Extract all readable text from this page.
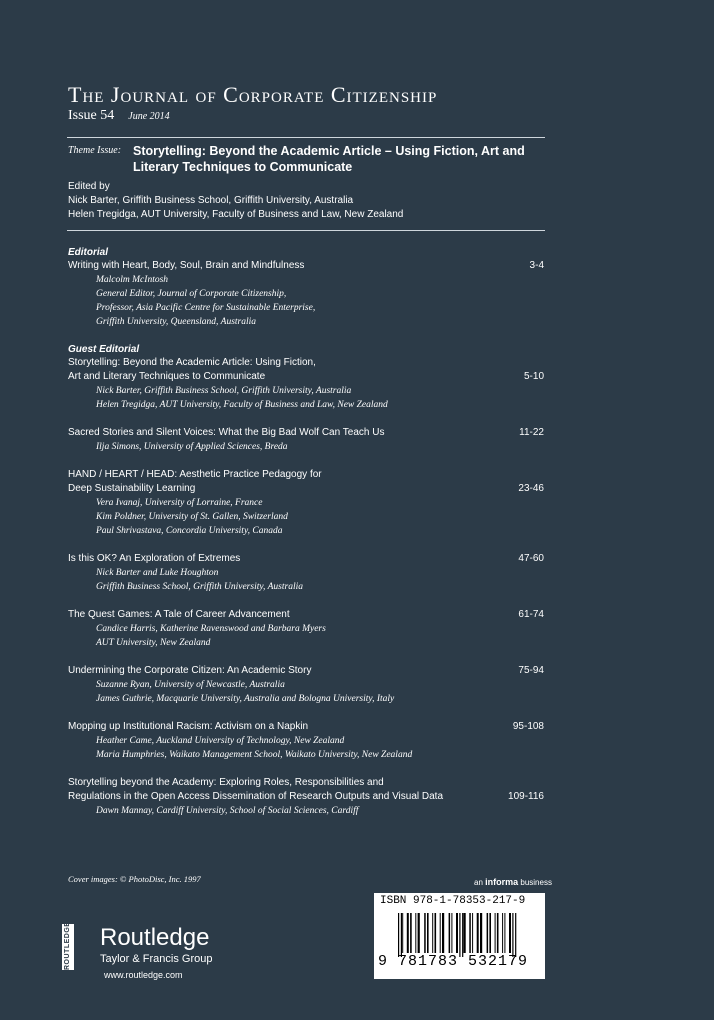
The Journal of Corporate Citizenship
Issue 54 June 2014
Theme Issue: Storytelling: Beyond the Academic Article – Using Fiction, Art and Literary Techniques to Communicate
Edited by
Nick Barter, Griffith Business School, Griffith University, Australia
Helen Tregidga, AUT University, Faculty of Business and Law, New Zealand
Editorial
Writing with Heart, Body, Soul, Brain and Mindfulness	3-4
Malcolm McIntosh
General Editor, Journal of Corporate Citizenship,
Professor, Asia Pacific Centre for Sustainable Enterprise,
Griffith University, Queensland, Australia
Guest Editorial
Storytelling: Beyond the Academic Article: Using Fiction,
Art and Literary Techniques to Communicate	5-10
Nick Barter, Griffith Business School, Griffith University, Australia
Helen Tregidga, AUT University, Faculty of Business and Law, New Zealand
Sacred Stories and Silent Voices: What the Big Bad Wolf Can Teach Us	11-22
Ilja Simons, University of Applied Sciences, Breda
HAND / HEART / HEAD: Aesthetic Practice Pedagogy for
Deep Sustainability Learning	23-46
Vera Ivanaj, University of Lorraine, France
Kim Poldner, University of St. Gallen, Switzerland
Paul Shrivastava, Concordia University, Canada
Is this OK? An Exploration of Extremes	47-60
Nick Barter and Luke Houghton
Griffith Business School, Griffith University, Australia
The Quest Games: A Tale of Career Advancement	61-74
Candice Harris, Katherine Ravenswood and Barbara Myers
AUT University, New Zealand
Undermining the Corporate Citizen: An Academic Story	75-94
Suzanne Ryan, University of Newcastle, Australia
James Guthrie, Macquarie University, Australia and Bologna University, Italy
Mopping up Institutional Racism: Activism on a Napkin	95-108
Heather Came, Auckland University of Technology, New Zealand
Maria Humphries, Waikato Management School, Waikato University, New Zealand
Storytelling beyond the Academy: Exploring Roles, Responsibilities and
Regulations in the Open Access Dissemination of Research Outputs and Visual Data	109-116
Dawn Mannay, Cardiff University, School of Social Sciences, Cardiff
Cover images: © PhotoDisc, Inc. 1997	an informa business
ROUTLEDGE Routledge
Taylor & Francis Group
www.routledge.com
ISBN 978-1-78353-217-9
9 781783 532179
